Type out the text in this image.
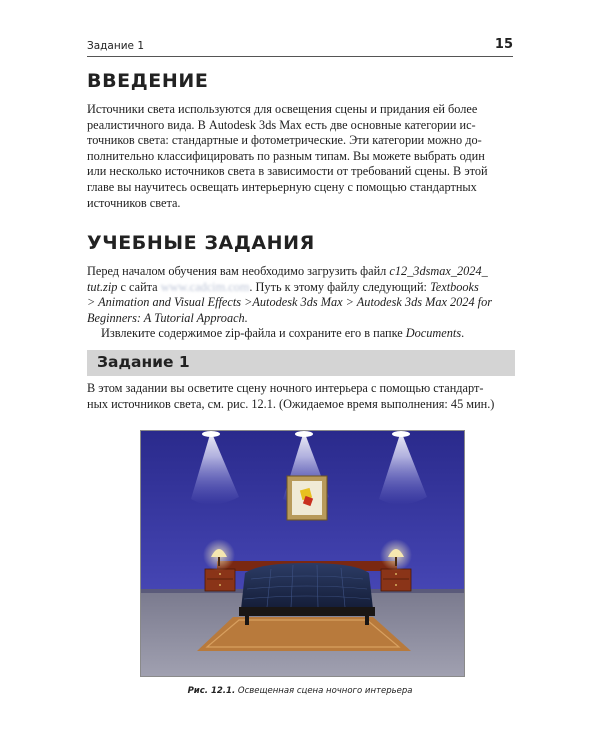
Задание 1	15
ВВЕДЕНИЕ
Источники света используются для освещения сцены и придания ей более
реалистичного вида. В Autodesk 3ds Max есть две основные категории ис-
точников света: стандартные и фотометрические. Эти категории можно до-
полнительно классифицировать по разным типам. Вы можете выбрать один
или несколько источников света в зависимости от требований сцены. В этой
главе вы научитесь освещать интерьерную сцену с помощью стандартных
источников света.
УЧЕБНЫЕ ЗАДАНИЯ
Перед началом обучения вам необходимо загрузить файл c12_3dsmax_2024_
tut.zip с сайта www.cadcim.com. Путь к этому файлу следующий: Textbooks
> Animation and Visual Effects >Autodesk 3ds Max > Autodesk 3ds Max 2024 for
Beginners: A Tutorial Approach.
Извлеките содержимое zip-файла и сохраните его в папке Documents.
Задание 1
В этом задании вы осветите сцену ночного интерьера с помощью стандарт-
ных источников света, см. рис. 12.1. (Ожидаемое время выполнения: 45 мин.)
Рис. 12.1. Освещенная сцена ночного интерьера
